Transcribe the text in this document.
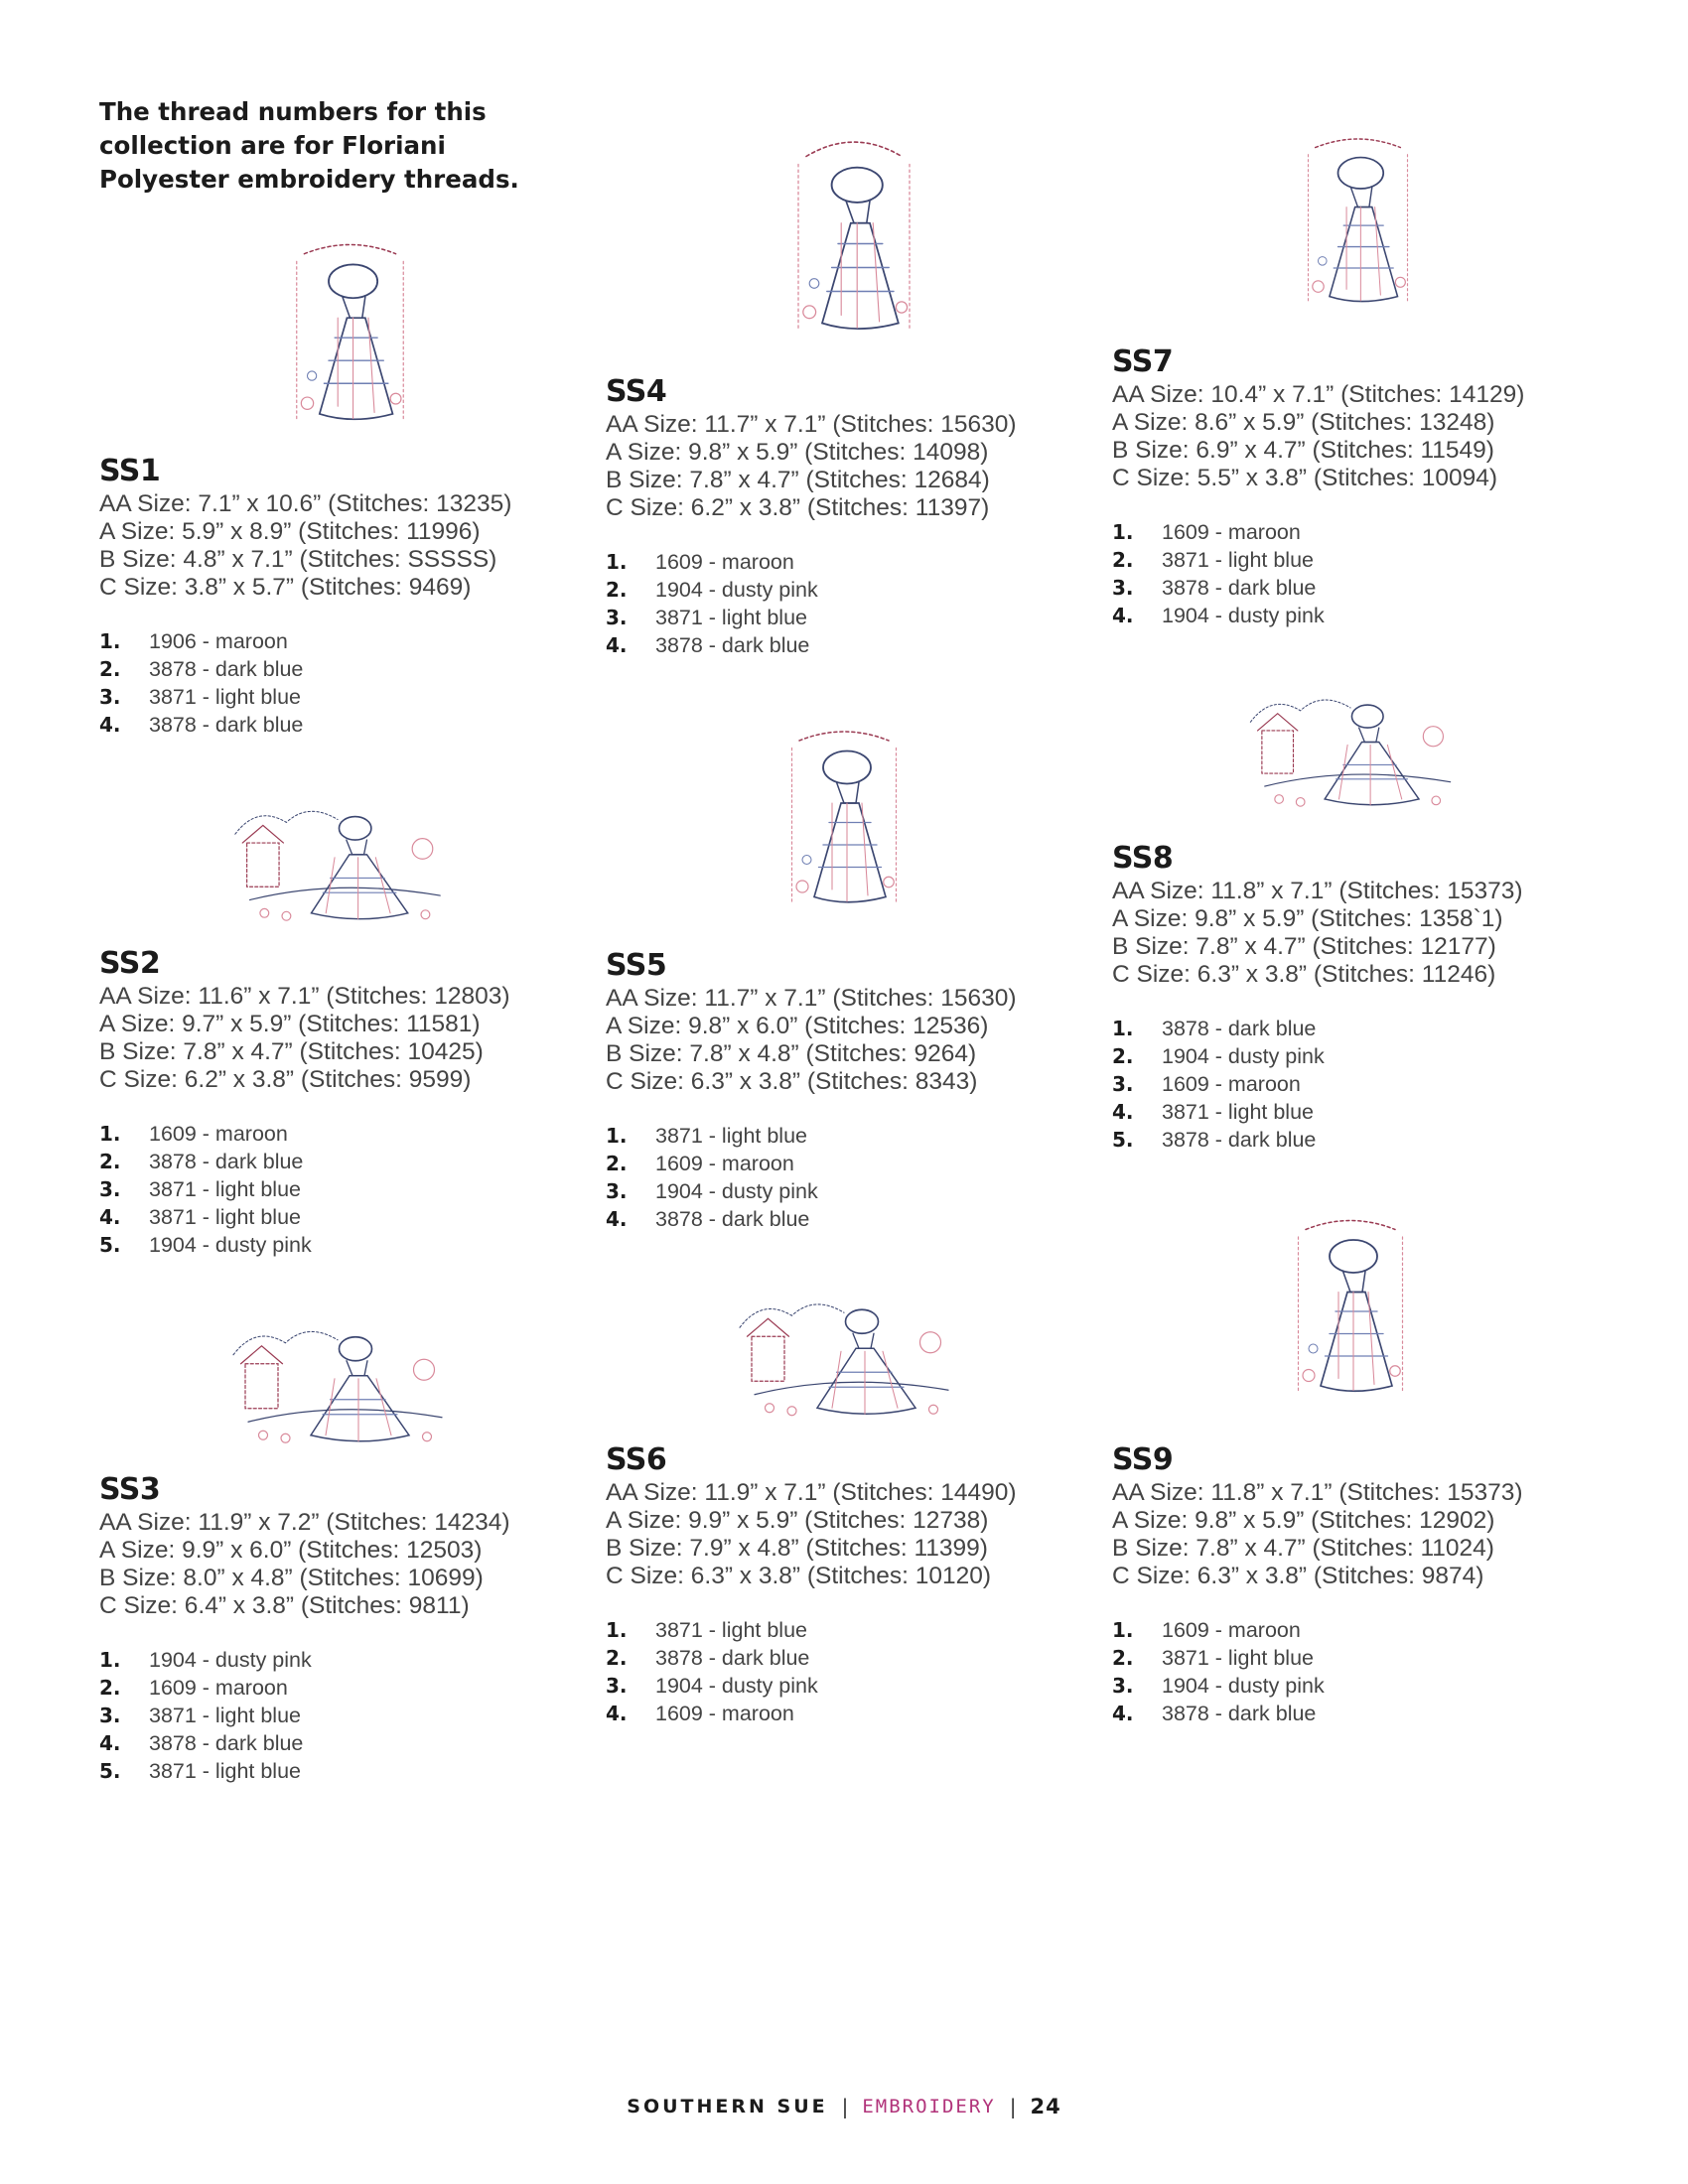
The thread numbers for this collection are for Floriani Polyester embroidery threads.
SS1
AA Size: 7.1” x 10.6” (Stitches: 13235)
A Size: 5.9” x 8.9” (Stitches: 11996)
B Size: 4.8” x 7.1” (Stitches: SSSSS)
C Size: 3.8” x 5.7” (Stitches: 9469)
1.	1906 - maroon
2.	3878 - dark blue
3.	3871 - light blue
4.	3878 - dark blue
SS2
AA Size: 11.6” x 7.1” (Stitches: 12803)
A Size: 9.7” x 5.9” (Stitches: 11581)
B Size: 7.8” x 4.7” (Stitches: 10425)
C Size: 6.2” x 3.8” (Stitches: 9599)
1.	1609 - maroon
2.	3878 - dark blue
3.	3871 - light blue
4.	3871 - light blue
5.	1904 - dusty pink
SS3
AA Size: 11.9” x 7.2” (Stitches: 14234)
A Size: 9.9” x 6.0” (Stitches: 12503)
B Size: 8.0” x 4.8” (Stitches: 10699)
C Size: 6.4” x 3.8” (Stitches: 9811)
1.	1904 - dusty pink
2.	1609 - maroon
3.	3871 - light blue
4.	3878 - dark blue
5.	3871 - light blue
SS4
AA Size: 11.7” x 7.1” (Stitches: 15630)
A Size: 9.8” x 5.9” (Stitches: 14098)
B Size: 7.8” x 4.7” (Stitches: 12684)
C Size: 6.2” x 3.8” (Stitches: 11397)
1.	1609 - maroon
2.	1904 - dusty pink
3.	3871 - light blue
4.	3878 - dark blue
SS5
AA Size: 11.7” x 7.1” (Stitches: 15630)
A Size: 9.8” x 6.0” (Stitches: 12536)
B Size: 7.8” x 4.8” (Stitches: 9264)
C Size: 6.3” x 3.8” (Stitches: 8343)
1.	3871 - light blue
2.	1609 - maroon
3.	1904 - dusty pink
4.	3878 - dark blue
SS6
AA Size: 11.9” x 7.1” (Stitches: 14490)
A Size: 9.9” x 5.9” (Stitches: 12738)
B Size: 7.9” x 4.8” (Stitches: 11399)
C Size: 6.3” x 3.8” (Stitches: 10120)
1.	3871 - light blue
2.	3878 - dark blue
3.	1904 - dusty pink
4.	1609 - maroon
SS7
AA Size: 10.4” x 7.1” (Stitches: 14129)
A Size: 8.6” x 5.9” (Stitches: 13248)
B Size: 6.9” x 4.7” (Stitches: 11549)
C Size: 5.5” x 3.8” (Stitches: 10094)
1.	1609 - maroon
2.	3871 - light blue
3.	3878 - dark blue
4.	1904 - dusty pink
SS8
AA Size: 11.8” x 7.1” (Stitches: 15373)
A Size: 9.8” x 5.9” (Stitches: 1358`1)
B Size: 7.8” x 4.7” (Stitches: 12177)
C Size: 6.3” x 3.8” (Stitches: 11246)
1.	3878 - dark blue
2.	1904 - dusty pink
3.	1609 - maroon
4.	3871 - light blue
5.	3878 - dark blue
SS9
AA Size: 11.8” x 7.1” (Stitches: 15373)
A Size: 9.8” x 5.9” (Stitches: 12902)
B Size: 7.8” x 4.7” (Stitches: 11024)
C Size: 6.3” x 3.8” (Stitches: 9874)
1.	1609 - maroon
2.	3871 - light blue
3.	1904 - dusty pink
4.	3878 - dark blue
SOUTHERN SUE | EMBROIDERY | 24
